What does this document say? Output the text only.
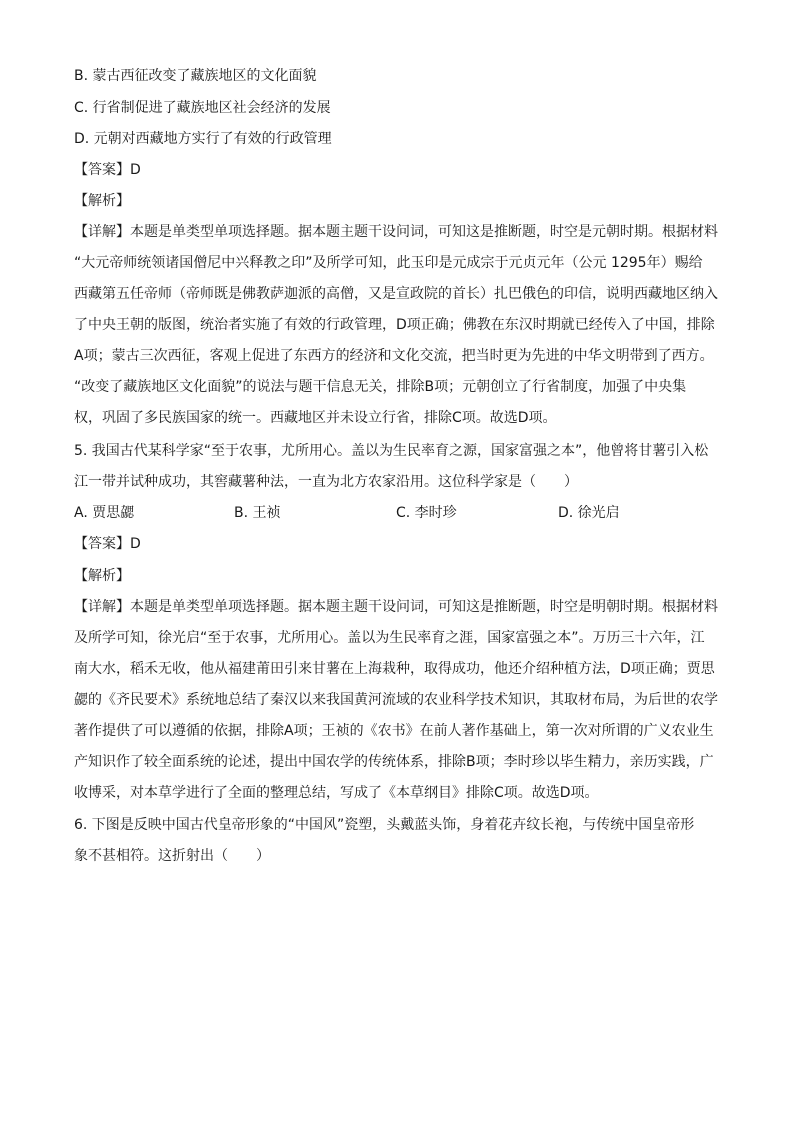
B. 蒙古西征改变了藏族地区的文化面貌
C. 行省制促进了藏族地区社会经济的发展
D. 元朝对西藏地方实行了有效的行政管理
【答案】D
【解析】
【详解】本题是单类型单项选择题。据本题主题干设问词，可知这是推断题，时空是元朝时期。根据材料
“大元帝师统领诸国僧尼中兴释教之印”及所学可知，此玉印是元成宗于元贞元年（公元 1295年）赐给
西藏第五任帝师（帝师既是佛教萨迦派的高僧，又是宣政院的首长）扎巴俄色的印信，说明西藏地区纳入
了中央王朝的版图，统治者实施了有效的行政管理，D项正确；佛教在东汉时期就已经传入了中国，排除
A项；蒙古三次西征，客观上促进了东西方的经济和文化交流，把当时更为先进的中华文明带到了西方。
“改变了藏族地区文化面貌”的说法与题干信息无关，排除B项；元朝创立了行省制度，加强了中央集
权，巩固了多民族国家的统一。西藏地区并未设立行省，排除C项。故选D项。
5. 我国古代某科学家“至于农事，尤所用心。盖以为生民率育之源，国家富强之本”，他曾将甘薯引入松
江一带并试种成功，其窖藏薯种法，一直为北方农家沿用。这位科学家是（　　）
A. 贾思勰	B. 王祯	C. 李时珍	D. 徐光启
【答案】D
【解析】
【详解】本题是单类型单项选择题。据本题主题干设问词，可知这是推断题，时空是明朝时期。根据材料
及所学可知，徐光启“至于农事，尤所用心。盖以为生民率育之涯，国家富强之本”。万历三十六年，江
南大水，稻禾无收，他从福建莆田引来甘薯在上海栽种，取得成功，他还介绍种植方法，D项正确；贾思
勰的《齐民要术》系统地总结了秦汉以来我国黄河流域的农业科学技术知识，其取材布局，为后世的农学
著作提供了可以遵循的依据，排除A项；王祯的《农书》在前人著作基础上，第一次对所谓的广义农业生
产知识作了较全面系统的论述，提出中国农学的传统体系，排除B项；李时珍以毕生精力，亲历实践，广
收博采，对本草学进行了全面的整理总结，写成了《本草纲目》排除C项。故选D项。
6. 下图是反映中国古代皇帝形象的“中国风”瓷塑，头戴蓝头饰，身着花卉纹长袍，与传统中国皇帝形
象不甚相符。这折射出（　　）
